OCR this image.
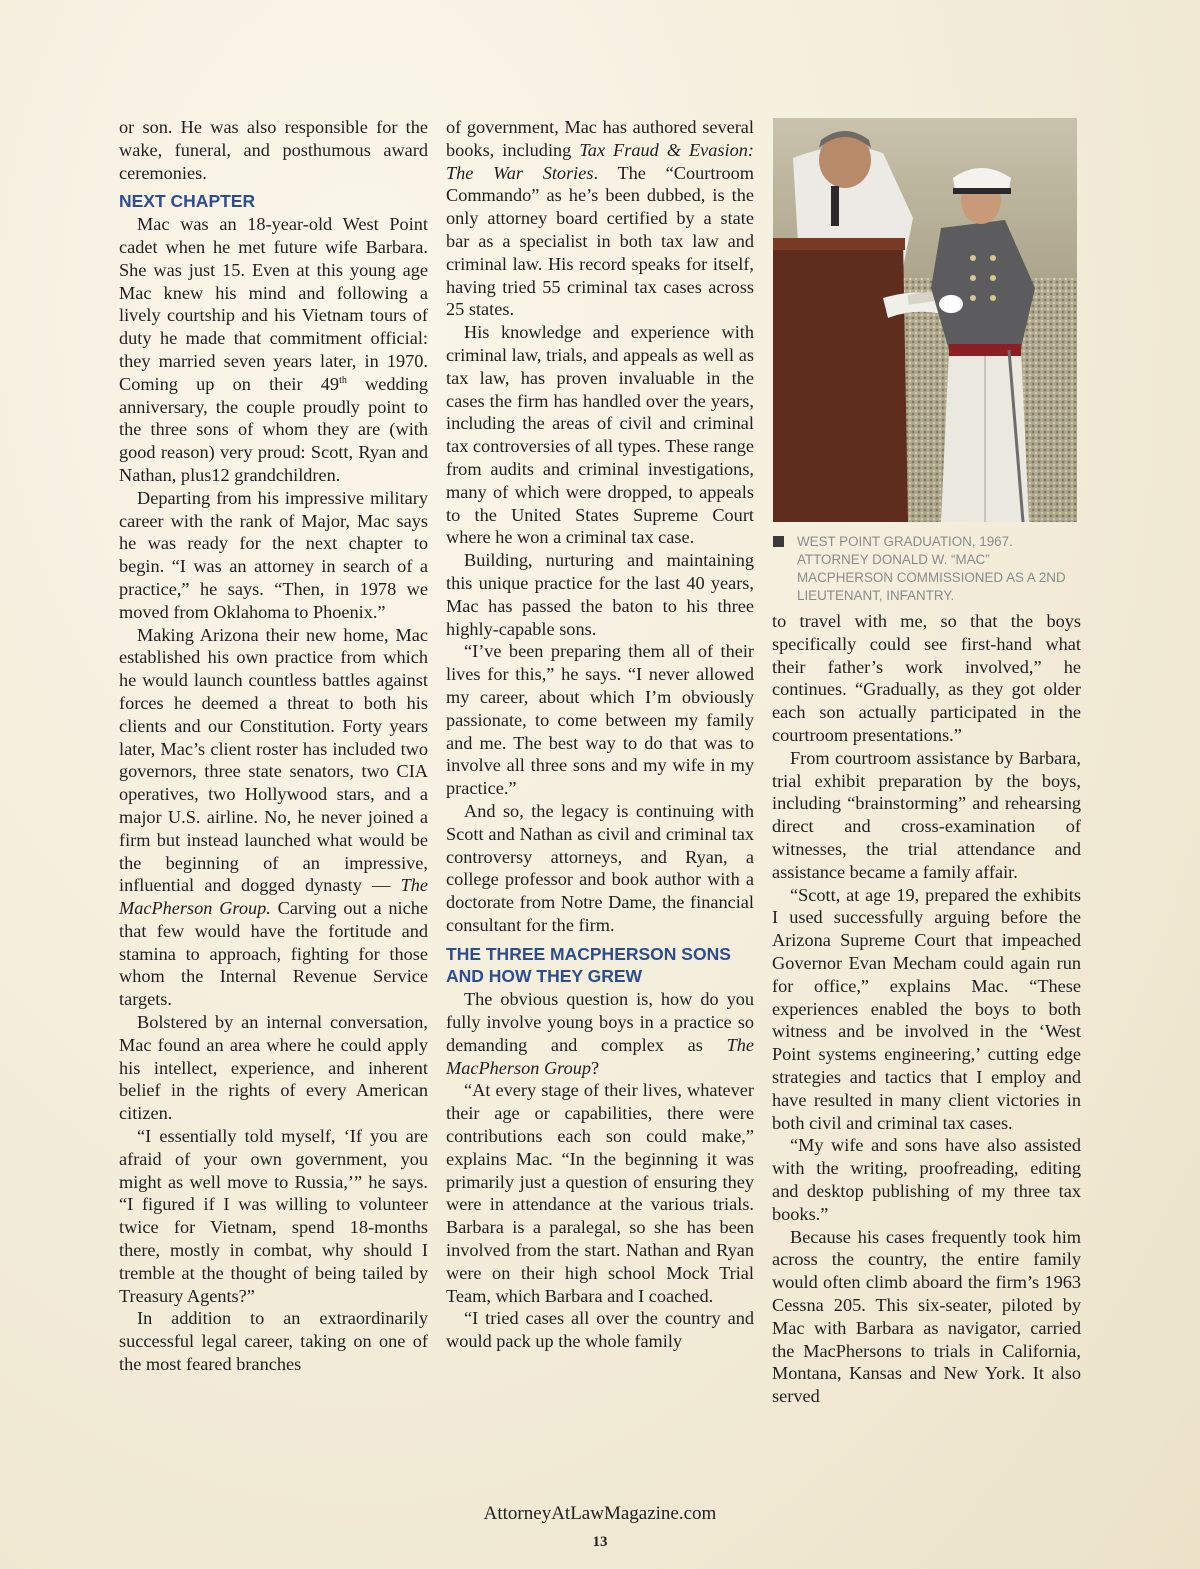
or son. He was also responsible for the wake, funeral, and posthumous award ceremonies.

NEXT CHAPTER

Mac was an 18-year-old West Point cadet when he met future wife Barbara. She was just 15. Even at this young age Mac knew his mind and following a lively courtship and his Vietnam tours of duty he made that commitment official: they married seven years later, in 1970. Coming up on their 49th wedding anniversary, the couple proudly point to the three sons of whom they are (with good reason) very proud: Scott, Ryan and Nathan, plus12 grandchildren.

Departing from his impressive military career with the rank of Major, Mac says he was ready for the next chapter to begin. “I was an attorney in search of a practice,” he says. “Then, in 1978 we moved from Oklahoma to Phoenix.”

Making Arizona their new home, Mac established his own practice from which he would launch countless battles against forces he deemed a threat to both his clients and our Constitution. Forty years later, Mac’s client roster has included two governors, three state senators, two CIA operatives, two Hollywood stars, and a major U.S. airline. No, he never joined a firm but instead launched what would be the beginning of an impressive, influential and dogged dynasty — The MacPherson Group. Carving out a niche that few would have the fortitude and stamina to approach, fighting for those whom the Internal Revenue Service targets.

Bolstered by an internal conversation, Mac found an area where he could apply his intellect, experience, and inherent belief in the rights of every American citizen.

“I essentially told myself, ‘If you are afraid of your own government, you might as well move to Russia,’” he says. “I figured if I was willing to volunteer twice for Vietnam, spend 18-months there, mostly in combat, why should I tremble at the thought of being tailed by Treasury Agents?”

In addition to an extraordinarily successful legal career, taking on one of the most feared branches

of government, Mac has authored several books, including Tax Fraud & Evasion: The War Stories. The “Courtroom Commando” as he’s been dubbed, is the only attorney board certified by a state bar as a specialist in both tax law and criminal law. His record speaks for itself, having tried 55 criminal tax cases across 25 states.

His knowledge and experience with criminal law, trials, and appeals as well as tax law, has proven invaluable in the cases the firm has handled over the years, including the areas of civil and criminal tax controversies of all types. These range from audits and criminal investigations, many of which were dropped, to appeals to the United States Supreme Court where he won a criminal tax case.

Building, nurturing and maintaining this unique practice for the last 40 years, Mac has passed the baton to his three highly-capable sons.

“I’ve been preparing them all of their lives for this,” he says. “I never allowed my career, about which I’m obviously passionate, to come between my family and me. The best way to do that was to involve all three sons and my wife in my practice.”

And so, the legacy is continuing with Scott and Nathan as civil and criminal tax controversy attorneys, and Ryan, a college professor and book author with a doctorate from Notre Dame, the financial consultant for the firm.

THE THREE MACPHERSON SONS AND HOW THEY GREW

The obvious question is, how do you fully involve young boys in a practice so demanding and complex as The MacPherson Group?

“At every stage of their lives, whatever their age or capabilities, there were contributions each son could make,” explains Mac. “In the beginning it was primarily just a question of ensuring they were in attendance at the various trials. Barbara is a paralegal, so she has been involved from the start. Nathan and Ryan were on their high school Mock Trial Team, which Barbara and I coached.

“I tried cases all over the country and would pack up the whole family

WEST POINT GRADUATION, 1967. ATTORNEY DONALD W. “MAC” MACPHERSON COMMISSIONED AS A 2ND LIEUTENANT, INFANTRY.

to travel with me, so that the boys specifically could see first-hand what their father’s work involved,” he continues. “Gradually, as they got older each son actually participated in the courtroom presentations.”

From courtroom assistance by Barbara, trial exhibit preparation by the boys, including “brainstorming” and rehearsing direct and cross-examination of witnesses, the trial attendance and assistance became a family affair.

“Scott, at age 19, prepared the exhibits I used successfully arguing before the Arizona Supreme Court that impeached Governor Evan Mecham could again run for office,” explains Mac. “These experiences enabled the boys to both witness and be involved in the ‘West Point systems engineering,’ cutting edge strategies and tactics that I employ and have resulted in many client victories in both civil and criminal tax cases.

“My wife and sons have also assisted with the writing, proofreading, editing and desktop publishing of my three tax books.”

Because his cases frequently took him across the country, the entire family would often climb aboard the firm’s 1963 Cessna 205. This six-seater, piloted by Mac with Barbara as navigator, carried the MacPhersons to trials in California, Montana, Kansas and New York. It also served

AttorneyAtLawMagazine.com
13
